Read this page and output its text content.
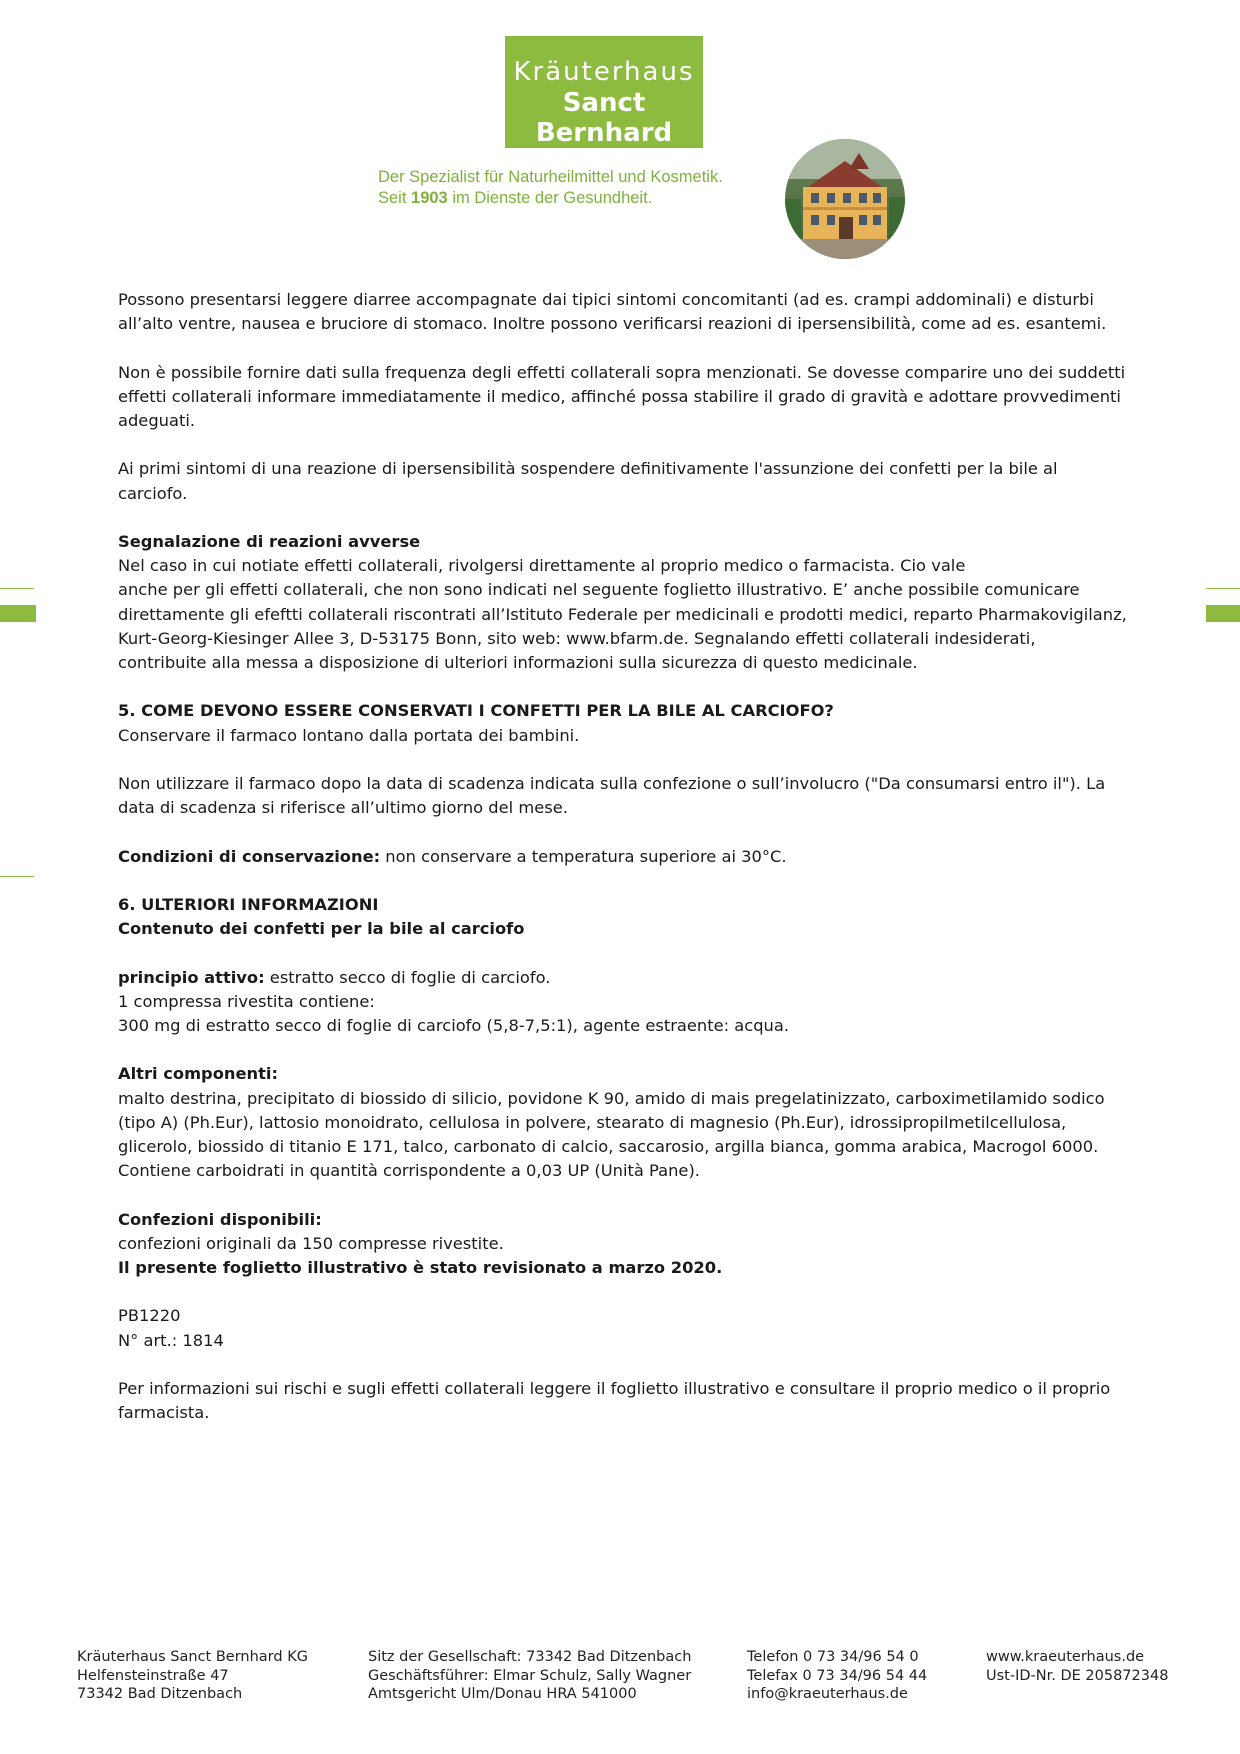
Kräuterhaus
Sanct Bernhard
Der Spezialist für Naturheilmittel und Kosmetik.
Seit 1903 im Dienste der Gesundheit.

Possono presentarsi leggere diarree accompagnate dai tipici sintomi concomitanti (ad es. crampi addominali) e disturbi all’alto ventre, nausea e bruciore di stomaco. Inoltre possono verificarsi reazioni di ipersensibilità, come ad es. esantemi.

Non è possibile fornire dati sulla frequenza degli effetti collaterali sopra menzionati. Se dovesse comparire uno dei suddetti effetti collaterali informare immediatamente il medico, affinché possa stabilire il grado di gravità e adottare provvedimenti adeguati.

Ai primi sintomi di una reazione di ipersensibilità sospendere definitivamente l'assunzione dei confetti per la bile al carciofo.

Segnalazione di reazioni avverse
Nel caso in cui notiate effetti collaterali, rivolgersi direttamente al proprio medico o farmacista. Cio vale
anche per gli effetti collaterali, che non sono indicati nel seguente foglietto illustrativo. E’ anche possibile comunicare direttamente gli efeftti collaterali riscontrati all’Istituto Federale per medicinali e prodotti medici, reparto Pharmakovigilanz, Kurt-Georg-Kiesinger Allee 3, D-53175 Bonn, sito web: www.bfarm.de. Segnalando effetti collaterali indesiderati, contribuite alla messa a disposizione di ulteriori informazioni sulla sicurezza di questo medicinale.

5. COME DEVONO ESSERE CONSERVATI I CONFETTI PER LA BILE AL CARCIOFO?
Conservare il farmaco lontano dalla portata dei bambini.

Non utilizzare il farmaco dopo la data di scadenza indicata sulla confezione o sull’involucro ("Da consumarsi entro il"). La data di scadenza si riferisce all’ultimo giorno del mese.

Condizioni di conservazione: non conservare a temperatura superiore ai 30°C.

6. ULTERIORI INFORMAZIONI
Contenuto dei confetti per la bile al carciofo

principio attivo: estratto secco di foglie di carciofo.
1 compressa rivestita contiene:
300 mg di estratto secco di foglie di carciofo (5,8-7,5:1), agente estraente: acqua.

Altri componenti:
malto destrina, precipitato di biossido di silicio, povidone K 90, amido di mais pregelatinizzato, carboximetilamido sodico (tipo A) (Ph.Eur), lattosio monoidrato, cellulosa in polvere, stearato di magnesio (Ph.Eur), idrossipropilmetilcellulosa, glicerolo, biossido di titanio E 171, talco, carbonato di calcio, saccarosio, argilla bianca, gomma arabica, Macrogol 6000. Contiene carboidrati in quantità corrispondente a 0,03 UP (Unità Pane).

Confezioni disponibili:
confezioni originali da 150 compresse rivestite.
Il presente foglietto illustrativo è stato revisionato a marzo 2020.

PB1220
N° art.: 1814

Per informazioni sui rischi e sugli effetti collaterali leggere il foglietto illustrativo e consultare il proprio medico o il proprio farmacista.

Kräuterhaus Sanct Bernhard KG
Helfensteinstraße 47
73342 Bad Ditzenbach
Sitz der Gesellschaft: 73342 Bad Ditzenbach
Geschäftsführer: Elmar Schulz, Sally Wagner
Amtsgericht Ulm/Donau HRA 541000
Telefon 0 73 34/96 54 0
Telefax 0 73 34/96 54 44
info@kraeuterhaus.de
www.kraeuterhaus.de
Ust-ID-Nr. DE 205872348
